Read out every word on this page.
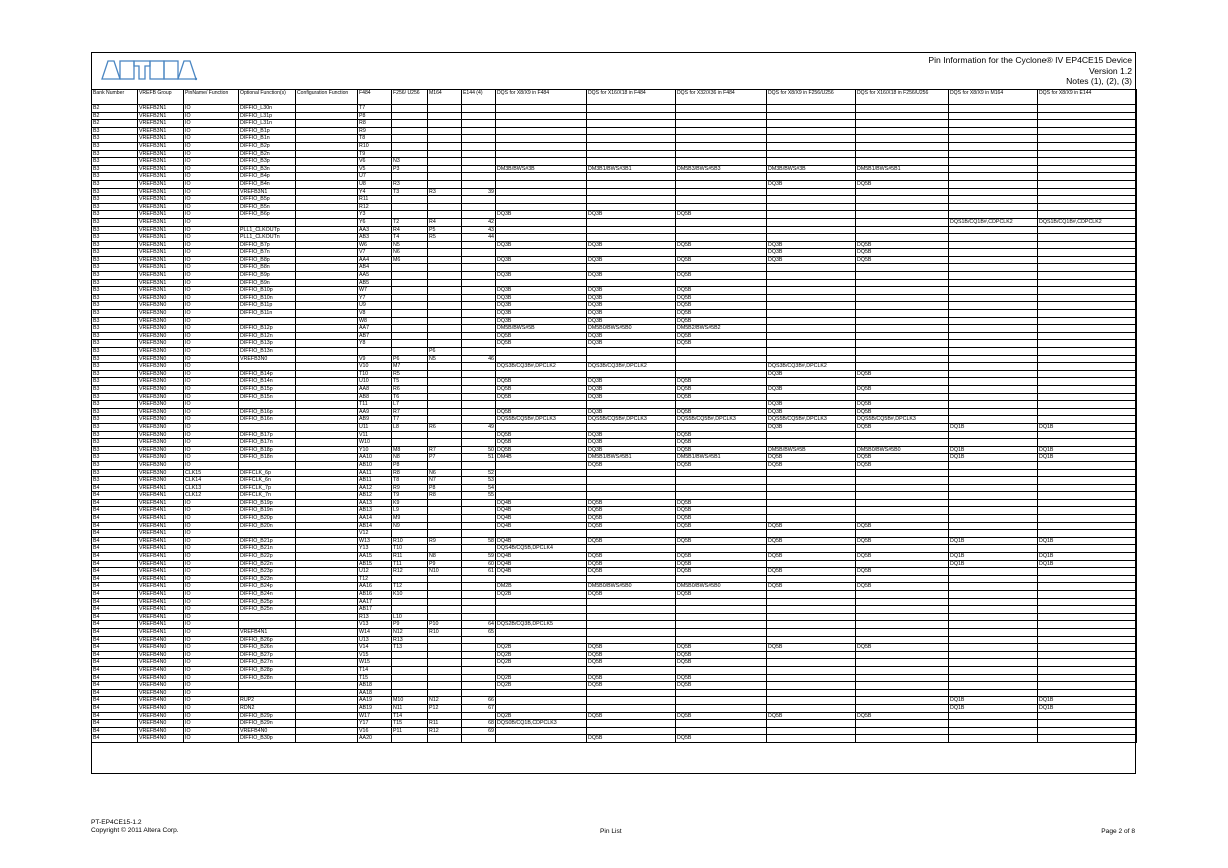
Pin Information for the Cyclone® IV EP4CE15 Device
Version 1.2
Notes (1), (2), (3)
Bank Number	VREFB Group	PinName/ Function	Optional Function(s)	Configuration Function	F484	F256/ U256	M164	E144 (4)	DQS for X8/X9 in F484	DQS for X16/X18 in F484	DQS for X32/X36 in F484	DQS for X8/X9 in F256/U256	DQS for X16/X18 in F256/U256	DQS for X8/X9 in M164	DQS for X8/X9 in E144
B2	VREFB2N1	IO	DIFFIO_L30n		T7										
B2	VREFB2N1	IO	DIFFIO_L31p		P8										
B2	VREFB2N1	IO	DIFFIO_L31n		R8										
B3	VREFB3N1	IO	DIFFIO_B1p		R9										
B3	VREFB3N1	IO	DIFFIO_B1n		T8										
B3	VREFB3N1	IO	DIFFIO_B2p		R10										
B3	VREFB3N1	IO	DIFFIO_B2n		T9										
B3	VREFB3N1	IO	DIFFIO_B3p		V6	N3									
B3	VREFB3N1	IO	DIFFIO_B3n		V5	P3			DM3B/BWS#3B	DM3B1/BWS#3B1	DM5B3/BWS#5B3	DM3B/BWS#3B	DM5B1/BWS#5B1		
B3	VREFB3N1	IO	DIFFIO_B4p		U7										
B3	VREFB3N1	IO	DIFFIO_B4n		U8	R3						DQ3B	DQ5B		
B3	VREFB3N1	IO	VREFB3N1		Y4	T3	R3	39							
B3	VREFB3N1	IO	DIFFIO_B5p		R11										
B3	VREFB3N1	IO	DIFFIO_B5n		R12										
B3	VREFB3N1	IO	DIFFIO_B6p		Y3				DQ3B	DQ3B	DQ5B				
B3	VREFB3N1	IO			Y6	T2	R4	42						DQS1B/CQ1B#,CDPCLK2	DQS1B/CQ1B#,CDPCLK2
B3	VREFB3N1	IO	PLL1_CLKOUTp		AA3	R4	P5	43							
B3	VREFB3N1	IO	PLL1_CLKOUTn		AB3	T4	R5	44							
B3	VREFB3N1	IO	DIFFIO_B7p		W6	N5			DQ3B	DQ3B	DQ5B	DQ3B	DQ5B		
B3	VREFB3N1	IO	DIFFIO_B7n		V7	N6						DQ3B	DQ5B		
B3	VREFB3N1	IO	DIFFIO_B8p		AA4	M6			DQ3B	DQ3B	DQ5B	DQ3B	DQ5B		
B3	VREFB3N1	IO	DIFFIO_B8n		AB4										
B3	VREFB3N1	IO	DIFFIO_B9p		AA5				DQ3B	DQ3B	DQ5B				
B3	VREFB3N1	IO	DIFFIO_B9n		AB5										
B3	VREFB3N1	IO	DIFFIO_B10p		W7				DQ3B	DQ3B	DQ5B				
B3	VREFB3N0	IO	DIFFIO_B10n		Y7				DQ3B	DQ3B	DQ5B				
B3	VREFB3N0	IO	DIFFIO_B11p		U9				DQ3B	DQ3B	DQ5B				
B3	VREFB3N0	IO	DIFFIO_B11n		V8				DQ3B	DQ3B	DQ5B				
B3	VREFB3N0	IO			W8				DQ3B	DQ3B	DQ5B				
B3	VREFB3N0	IO	DIFFIO_B12p		AA7				DM5B/BWS#5B	DM5B0/BWS#5B0	DM5B2/BWS#5B2				
B3	VREFB3N0	IO	DIFFIO_B12n		AB7				DQ5B	DQ3B	DQ5B				
B3	VREFB3N0	IO	DIFFIO_B13p		Y8				DQ5B	DQ3B	DQ5B				
B3	VREFB3N0	IO	DIFFIO_B13n				P6								
B3	VREFB3N0	IO	VREFB3N0		V9	P6	N5	46							
B3	VREFB3N0	IO			V10	M7			DQS3B/CQ3B#,DPCLK2	DQS3B/CQ3B#,DPCLK2		DQS3B/CQ3B#,DPCLK2			
B3	VREFB3N0	IO	DIFFIO_B14p		T10	R5						DQ3B	DQ5B		
B3	VREFB3N0	IO	DIFFIO_B14n		U10	T5			DQ5B	DQ3B	DQ5B				
B3	VREFB3N0	IO	DIFFIO_B15p		AA8	R6			DQ5B	DQ3B	DQ5B	DQ3B	DQ5B		
B3	VREFB3N0	IO	DIFFIO_B15n		AB8	T6			DQ5B	DQ3B	DQ5B				
B3	VREFB3N0	IO			T11	L7						DQ3B	DQ5B		
B3	VREFB3N0	IO	DIFFIO_B16p		AA9	R7			DQ5B	DQ3B	DQ5B	DQ3B	DQ5B		
B3	VREFB3N0	IO	DIFFIO_B16n		AB9	T7			DQS5B/CQ5B#,DPCLK3	DQS5B/CQ5B#,DPCLK3	DQS5B/CQ5B#,DPCLK3	DQS5B/CQ5B#,DPCLK3	DQS5B/CQ5B#,DPCLK3		
B3	VREFB3N0	IO			U11	L8	R6	49				DQ3B	DQ5B	DQ1B	DQ1B
B3	VREFB3N0	IO	DIFFIO_B17p		V11				DQ5B	DQ3B	DQ5B				
B3	VREFB3N0	IO	DIFFIO_B17n		W10				DQ5B	DQ3B	DQ5B				
B3	VREFB3N0	IO	DIFFIO_B18p		Y10	M8	R7	50	DQ5B	DQ3B	DQ5B	DM5B/BWS#5B	DM5B0/BWS#5B0	DQ1B	DQ1B
B3	VREFB3N0	IO	DIFFIO_B18n		AA10	N8	P7	51	DM4B	DM5B1/BWS#5B1	DM5B1/BWS#5B1	DQ5B	DQ5B	DQ1B	DQ1B
B3	VREFB3N0	IO			AB10	P8				DQ5B	DQ5B	DQ5B	DQ5B		
B3	VREFB3N0	CLK15	DIFFCLK_6p		AA11	R8	N6	52							
B3	VREFB3N0	CLK14	DIFFCLK_6n		AB11	T8	N7	53							
B4	VREFB4N1	CLK13	DIFFCLK_7p		AA12	R9	P8	54							
B4	VREFB4N1	CLK12	DIFFCLK_7n		AB12	T9	R8	55							
B4	VREFB4N1	IO	DIFFIO_B19p		AA13	K9			DQ4B	DQ5B	DQ5B				
B4	VREFB4N1	IO	DIFFIO_B19n		AB13	L9			DQ4B	DQ5B	DQ5B				
B4	VREFB4N1	IO	DIFFIO_B20p		AA14	M9			DQ4B	DQ5B	DQ5B				
B4	VREFB4N1	IO	DIFFIO_B20n		AB14	N9			DQ4B	DQ5B	DQ5B	DQ5B	DQ5B		
B4	VREFB4N1	IO			V12										
B4	VREFB4N1	IO	DIFFIO_B21p		W13	R10	R9	58	DQ4B	DQ5B	DQ5B	DQ5B	DQ5B	DQ1B	DQ1B
B4	VREFB4N1	IO	DIFFIO_B21n		Y13	T10			DQS4B/CQ5B,DPCLK4						
B4	VREFB4N1	IO	DIFFIO_B22p		AA15	R11	N8	59	DQ4B	DQ5B	DQ5B	DQ5B	DQ5B	DQ1B	DQ1B
B4	VREFB4N1	IO	DIFFIO_B22n		AB15	T11	P9	60	DQ4B	DQ5B	DQ5B			DQ1B	DQ1B
B4	VREFB4N1	IO	DIFFIO_B23p		U12	R12	N10	61	DQ4B	DQ5B	DQ5B	DQ5B	DQ5B		
B4	VREFB4N1	IO	DIFFIO_B23n		T12										
B4	VREFB4N1	IO	DIFFIO_B24p		AA16	T12			DM2B	DM5B0/BWS#5B0	DM5B0/BWS#5B0	DQ5B	DQ5B		
B4	VREFB4N1	IO	DIFFIO_B24n		AB16	K10			DQ2B	DQ5B	DQ5B				
B4	VREFB4N1	IO	DIFFIO_B25p		AA17										
B4	VREFB4N1	IO	DIFFIO_B25n		AB17										
B4	VREFB4N1	IO			R13	L10									
B4	VREFB4N1	IO			V13	P9	P10	64	DQS2B/CQ3B,DPCLK5						
B4	VREFB4N1	IO	VREFB4N1		W14	N12	R10	65							
B4	VREFB4N0	IO	DIFFIO_B26p		U13	R13									
B4	VREFB4N0	IO	DIFFIO_B26n		V14	T13			DQ2B	DQ5B	DQ5B	DQ5B	DQ5B		
B4	VREFB4N0	IO	DIFFIO_B27p		V15				DQ2B	DQ5B	DQ5B				
B4	VREFB4N0	IO	DIFFIO_B27n		W15				DQ2B	DQ5B	DQ5B				
B4	VREFB4N0	IO	DIFFIO_B28p		T14										
B4	VREFB4N0	IO	DIFFIO_B28n		T15				DQ2B	DQ5B	DQ5B				
B4	VREFB4N0	IO			AB18				DQ2B	DQ5B	DQ5B				
B4	VREFB4N0	IO			AA18										
B4	VREFB4N0	IO	RUP2		AA19	M10	N12	66						DQ1B	DQ1B
B4	VREFB4N0	IO	RDN2		AB19	N11	P12	67						DQ1B	DQ1B
B4	VREFB4N0	IO	DIFFIO_B29p		W17	T14			DQ2B	DQ5B	DQ5B	DQ5B	DQ5B		
B4	VREFB4N0	IO	DIFFIO_B29n		Y17	T15	R11	68	DQS0B/CQ1B,CDPCLK3						
B4	VREFB4N0	IO	VREFB4N0		V16	P11	R12	69							
B4	VREFB4N0	IO	DIFFIO_B30p		AA20					DQ5B	DQ5B				
PT-EP4CE15-1.2
Copyright © 2011 Altera Corp.	Pin List	Page 2 of 8
